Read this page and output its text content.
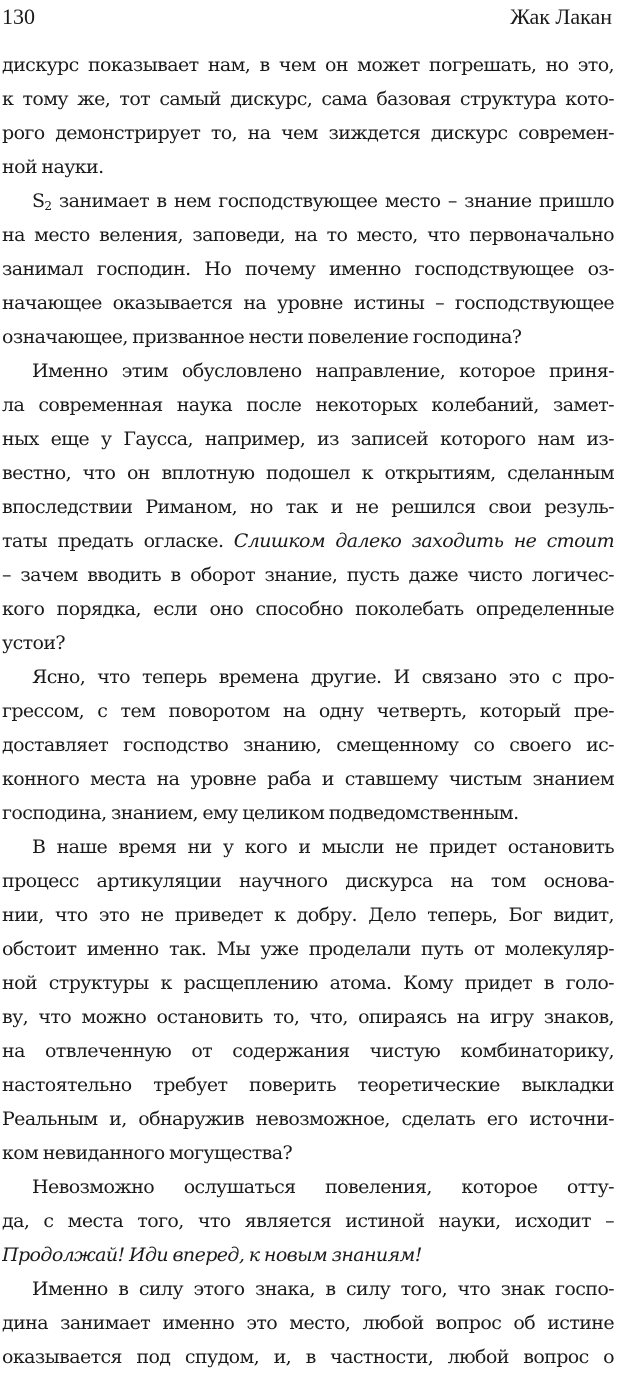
130	Жак Лакан
дискурс показывает нам, в чем он может погрешать, но это,
к тому же, тот самый дискурс, сама базовая структура кото-
рого демонстрирует то, на чем зиждется дискурс современ-
ной науки.
$S_2$ занимает в нем господствующее место – знание пришло
на место веления, заповеди, на то место, что первоначально
занимал господин. Но почему именно господствующее оз-
начающее оказывается на уровне истины – господствующее
означающее, призванное нести повеление господина?
Именно этим обусловлено направление, которое приня-
ла современная наука после некоторых колебаний, замет-
ных еще у Гаусса, например, из записей которого нам из-
вестно, что он вплотную подошел к открытиям, сделанным
впоследствии Риманом, но так и не решился свои резуль-
таты предать огласке. Слишком далеко заходить не стоит
– зачем вводить в оборот знание, пусть даже чисто логичес-
кого порядка, если оно способно поколебать определенные
устои?
Ясно, что теперь времена другие. И связано это с про-
грессом, с тем поворотом на одну четверть, который пре-
доставляет господство знанию, смещенному со своего ис-
конного места на уровне раба и ставшему чистым знанием
господина, знанием, ему целиком подведомственным.
В наше время ни у кого и мысли не придет остановить
процесс артикуляции научного дискурса на том основа-
нии, что это не приведет к добру. Дело теперь, Бог видит,
обстоит именно так. Мы уже проделали путь от молекуляр-
ной структуры к расщеплению атома. Кому придет в голо-
ву, что можно остановить то, что, опираясь на игру знаков,
на отвлеченную от содержания чистую комбинаторику,
настоятельно требует поверить теоретические выкладки
Реальным и, обнаружив невозможное, сделать его источни-
ком невиданного могущества?
Невозможно ослушаться повеления, которое отту-
да, с места того, что является истиной науки, исходит –
Продолжай! Иди вперед, к новым знаниям!
Именно в силу этого знака, в силу того, что знак госпо-
дина занимает именно это место, любой вопрос об истине
оказывается под спудом, и, в частности, любой вопрос о
